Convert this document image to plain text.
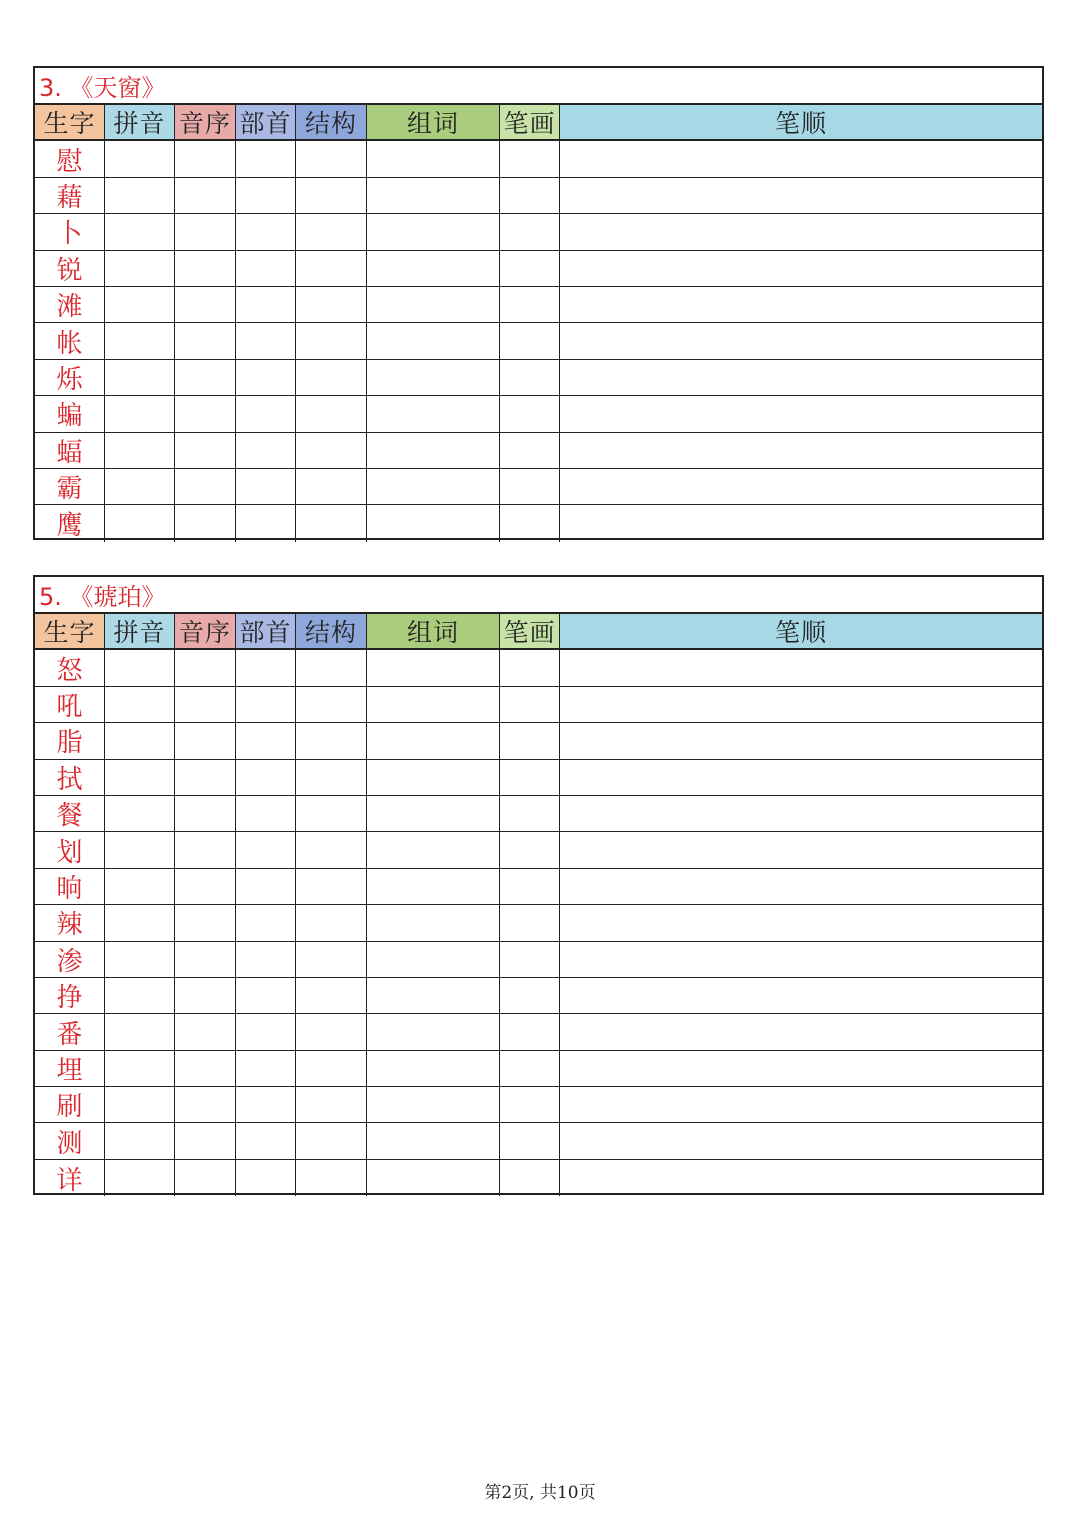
3. 《天窗》
生字 拼音 音序 部首 结构	组词	笔画	笔顺
慰
藉
卜
锐
滩
帐
烁
蝙
蝠
霸
鹰
5. 《琥珀》
生字 拼音 音序 部首 结构	组词	笔画	笔顺
怒
吼
脂
拭
餐
划
晌
辣
渗
挣
番
埋
刷
测
详
第2页, 共10页
